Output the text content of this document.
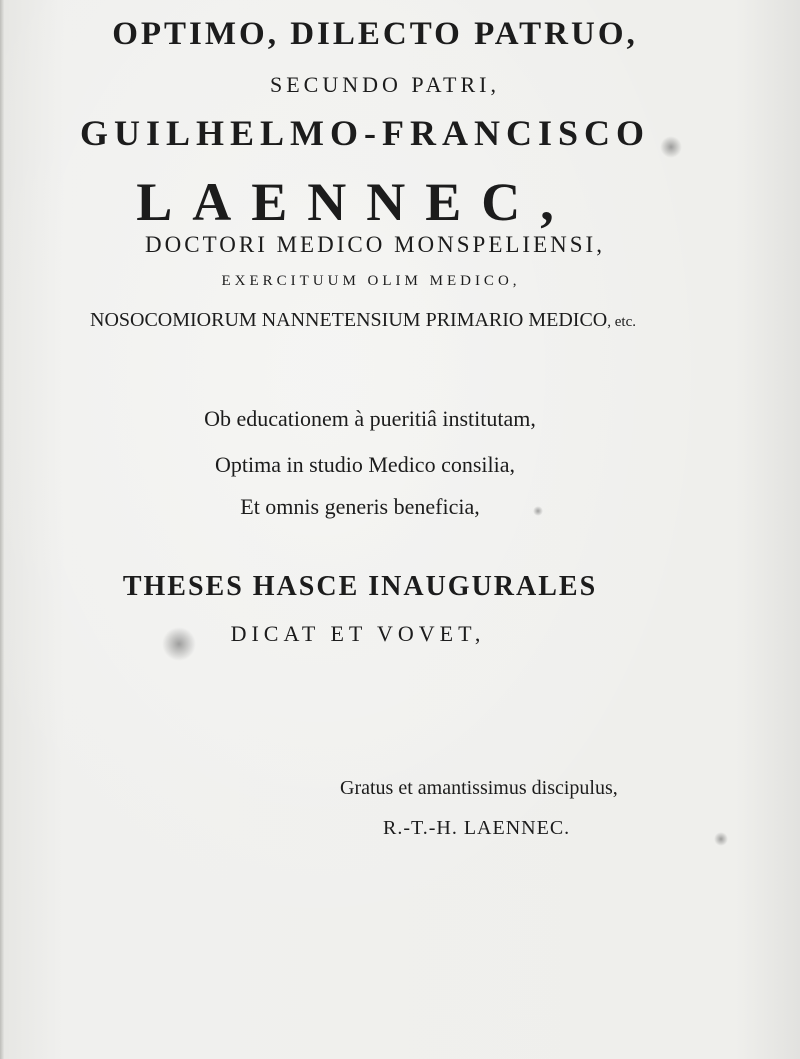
OPTIMO, DILECTO PATRUO,
SECUNDO PATRI,
GUILHELMO-FRANCISCO
LAENNEC,
DOCTORI MEDICO MONSPELIENSI,
EXERCITUUM OLIM MEDICO,
NOSOCOMIORUM NANNETENSIUM PRIMARIO MEDICO, etc.
Ob educationem à pueritiâ institutam,
Optima in studio Medico consilia,
Et omnis generis beneficia,
THESES HASCE INAUGURALES
DICAT ET VOVET,
Gratus et amantissimus discipulus,
R.-T.-H. LAENNEC.
